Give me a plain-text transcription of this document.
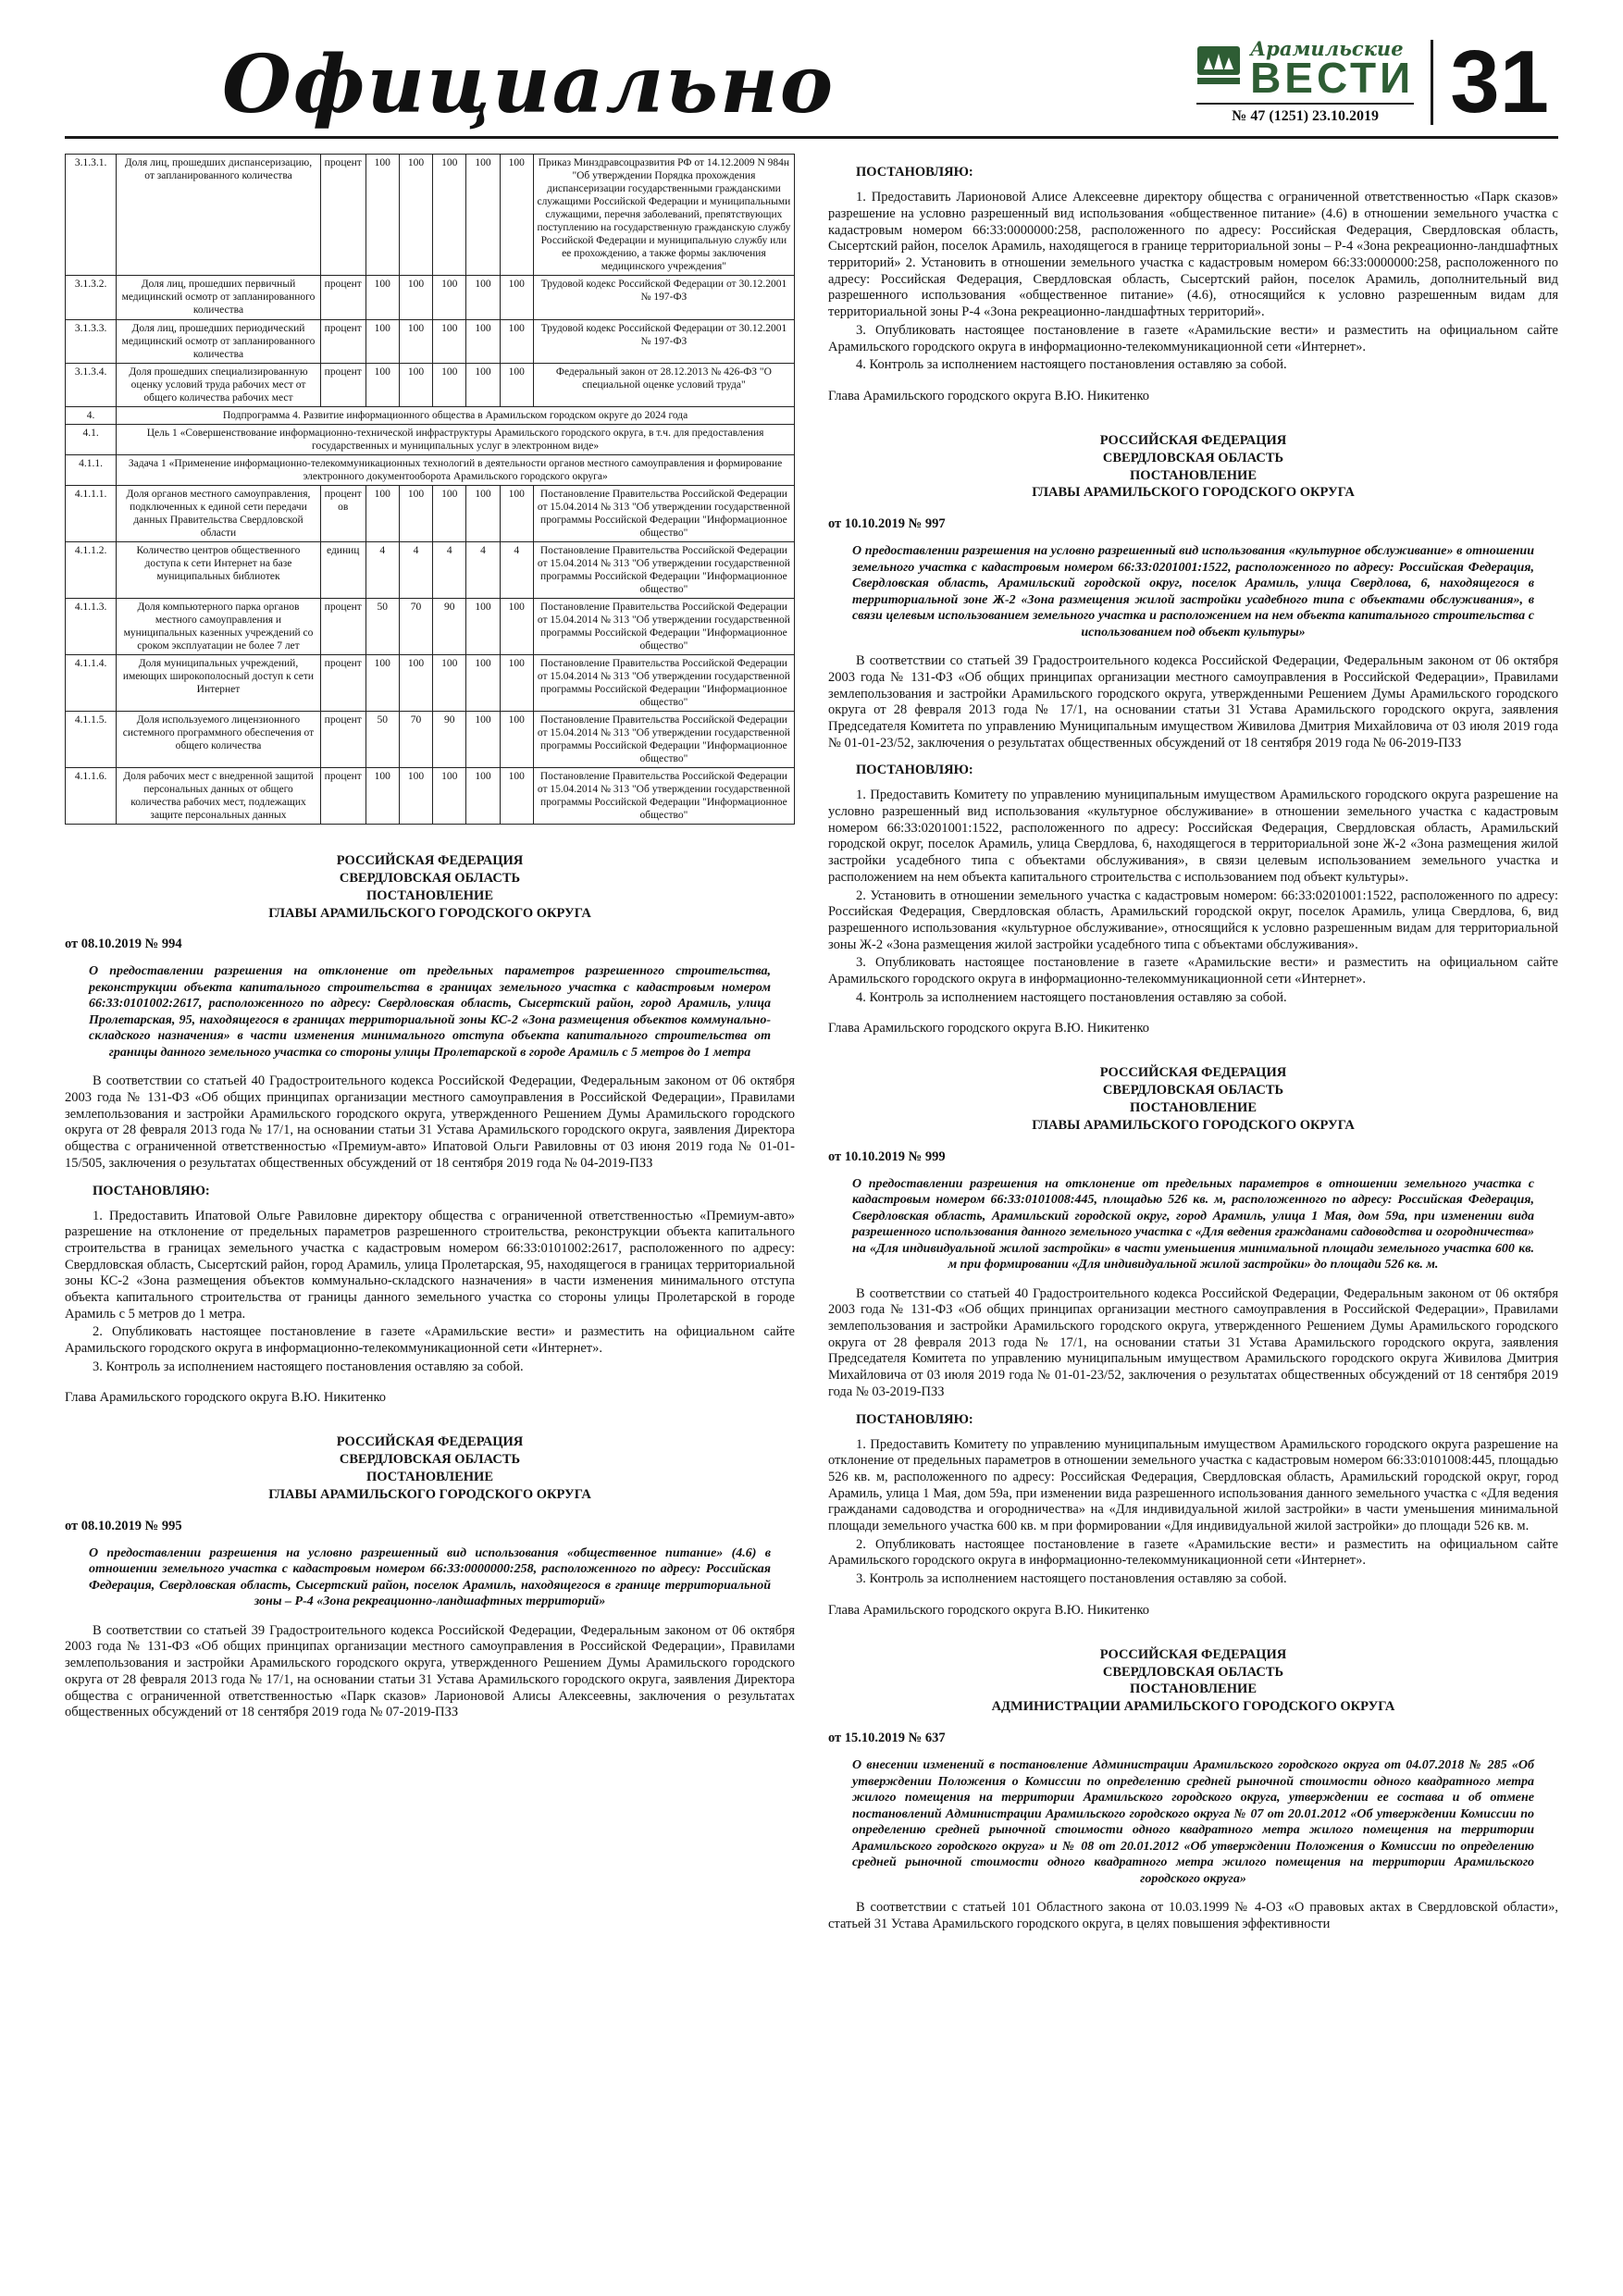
Официально	Арамильские
ВЕСТИ
№ 47 (1251) 23.10.2019 31
3.1.3.1.	Доля лиц, прошедших диспансеризацию, от запланированного количества	процент	100	100	100	100	100	Приказ Минздравсоцразвития РФ от 14.12.2009 N 984н "Об утверждении Порядка прохождения диспансеризации государственными гражданскими служащими Российской Федерации и муниципальными служащими, перечня заболеваний, препятствующих поступлению на государственную гражданскую службу Российской Федерации и муниципальную службу или ее прохождению, а также формы заключения медицинского учреждения"
3.1.3.2.	Доля лиц, прошедших первичный медицинский осмотр от запланированного количества	процент	100	100	100	100	100	Трудовой кодекс Российской Федерации от 30.12.2001 № 197-ФЗ
3.1.3.3.	Доля лиц, прошедших периодический медицинский осмотр от запланированного количества	процент	100	100	100	100	100	Трудовой кодекс Российской Федерации от 30.12.2001 № 197-ФЗ
3.1.3.4.	Доля прошедших специализированную оценку условий труда рабочих мест от общего количества рабочих мест	процент	100	100	100	100	100	Федеральный закон от 28.12.2013 № 426-ФЗ "О специальной оценке условий труда"
4.	Подпрограмма 4. Развитие информационного общества в Арамильском городском округе до 2024 года							
4.1.	Цель 1 «Совершенствование информационно-технической инфраструктуры Арамильского городского округа, в т.ч. для предоставления государственных и муниципальных услуг в электронном виде»							
4.1.1.	Задача 1 «Применение информационно-телекоммуникационных технологий в деятельности органов местного самоуправления и формирование электронного документооборота Арамильского городского округа»							
4.1.1.1.	Доля органов местного самоуправления, подключенных к единой сети передачи данных Правительства Свердловской области	процентов	100	100	100	100	100	Постановление Правительства Российской Федерации от 15.04.2014 № 313 "Об утверждении государственной программы Российской Федерации "Информационное общество"
4.1.1.2.	Количество центров общественного доступа к сети Интернет на базе муниципальных библиотек	единиц	4	4	4	4	4	Постановление Правительства Российской Федерации от 15.04.2014 № 313 "Об утверждении государственной программы Российской Федерации "Информационное общество"
4.1.1.3.	Доля компьютерного парка органов местного самоуправления и муниципальных казенных учреждений со сроком эксплуатации не более 7 лет	процент	50	70	90	100	100	Постановление Правительства Российской Федерации от 15.04.2014 № 313 "Об утверждении государственной программы Российской Федерации "Информационное общество"
4.1.1.4.	Доля муниципальных учреждений, имеющих широкополосный доступ к сети Интернет	процент	100	100	100	100	100	Постановление Правительства Российской Федерации от 15.04.2014 № 313 "Об утверждении государственной программы Российской Федерации "Информационное общество"
4.1.1.5.	Доля используемого лицензионного системного программного обеспечения от общего количества	процент	50	70	90	100	100	Постановление Правительства Российской Федерации от 15.04.2014 № 313 "Об утверждении государственной программы Российской Федерации "Информационное общество"
4.1.1.6.	Доля рабочих мест с внедренной защитой персональных данных от общего количества рабочих мест, подлежащих защите персональных данных	процент	100	100	100	100	100	Постановление Правительства Российской Федерации от 15.04.2014 № 313 "Об утверждении государственной программы Российской Федерации "Информационное общество"
РОССИЙСКАЯ ФЕДЕРАЦИЯ
СВЕРДЛОВСКАЯ ОБЛАСТЬ
ПОСТАНОВЛЕНИЕ
ГЛАВЫ АРАМИЛЬСКОГО ГОРОДСКОГО ОКРУГА
от 08.10.2019 № 994
О предоставлении разрешения на отклонение от предельных параметров разрешенного строительства, реконструкции объекта капитального строительства в границах земельного участка с кадастровым номером 66:33:0101002:2617, расположенного по адресу: Свердловская область, Сысертский район, город Арамиль, улица Пролетарская, 95, находящегося в границах территориальной зоны КС-2 «Зона размещения объектов коммунально-складского назначения» в части изменения минимального отступа объекта капитального строительства от границы данного земельного участка со стороны улицы Пролетарской в городе Арамиль с 5 метров до 1 метра

В соответствии со статьей 40 Градостроительного кодекса Российской Федерации, Федеральным законом от 06 октября 2003 года № 131-ФЗ «Об общих принципах организации местного самоуправления в Российской Федерации», Правилами землепользования и застройки Арамильского городского округа, утвержденного Решением Думы Арамильского городского округа от 28 февраля 2013 года № 17/1, на основании статьи 31 Устава Арамильского городского округа, заявления Директора общества с ограниченной ответственностью «Премиум-авто» Ипатовой Ольги Равиловны от 03 июня 2019 года № 01-01-15/505, заключения о результатах общественных обсуждений от 18 сентября 2019 года № 04-2019-ПЗЗ

ПОСТАНОВЛЯЮ:

1. Предоставить Ипатовой Ольге Равиловне директору общества с ограниченной ответственностью «Премиум-авто» разрешение на отклонение от предельных параметров разрешенного строительства, реконструкции объекта капитального строительства в границах земельного участка с кадастровым номером 66:33:0101002:2617, расположенного по адресу: Свердловская область, Сысертский район, город Арамиль, улица Пролетарская, 95, находящегося в границах территориальной зоны КС-2 «Зона размещения объектов коммунально-складского назначения» в части изменения минимального отступа объекта капитального строительства от границы данного земельного участка со стороны улицы Пролетарской в городе Арамиль с 5 метров до 1 метра.

2. Опубликовать настоящее постановление в газете «Арамильские вести» и разместить на официальном сайте Арамильского городского округа в информационно-телекоммуникационной сети «Интернет».

3. Контроль за исполнением настоящего постановления оставляю за собой.

Глава Арамильского городского округа В.Ю. Никитенко

РОССИЙСКАЯ ФЕДЕРАЦИЯ
СВЕРДЛОВСКАЯ ОБЛАСТЬ
ПОСТАНОВЛЕНИЕ
ГЛАВЫ АРАМИЛЬСКОГО ГОРОДСКОГО ОКРУГА
от 08.10.2019 № 995
О предоставлении разрешения на условно разрешенный вид использования «общественное питание» (4.6) в отношении земельного участка с кадастровым номером 66:33:0000000:258, расположенного по адресу: Российская Федерация, Свердловская область, Сысертский район, поселок Арамиль, находящегося в границе территориальной зоны – Р-4 «Зона рекреационно-ландшафтных территорий»

В соответствии со статьей 39 Градостроительного кодекса Российской Федерации, Федеральным законом от 06 октября 2003 года № 131-ФЗ «Об общих принципах организации местного самоуправления в Российской Федерации», Правилами землепользования и застройки Арамильского городского округа, утвержденного Решением Думы Арамильского городского округа от 28 февраля 2013 года № 17/1, на основании статьи 31 Устава Арамильского городского округа, заявления Директора общества с ограниченной ответственностью «Парк сказов» Ларионовой Алисы Алексеевны, заключения о результатах общественных обсуждений от 18 сентября 2019 года № 07-2019-ПЗЗ

ПОСТАНОВЛЯЮ:

1. Предоставить Ларионовой Алисе Алексеевне директору общества с ограниченной ответственностью «Парк сказов» разрешение на условно разрешенный вид использования «общественное питание» (4.6) в отношении земельного участка с кадастровым номером 66:33:0000000:258, расположенного по адресу: Российская Федерация, Свердловская область, Сысертский район, поселок Арамиль, находящегося в границе территориальной зоны – Р-4 «Зона рекреационно-ландшафтных территорий» 2. Установить в отношении земельного участка с кадастровым номером 66:33:0000000:258, расположенного по адресу: Российская Федерация, Свердловская область, Сысертский район, поселок Арамиль, дополнительный вид разрешенного использования «общественное питание» (4.6), относящийся к условно разрешенным видам для территориальной зоны Р-4 «Зона рекреационно-ландшафтных территорий».

3. Опубликовать настоящее постановление в газете «Арамильские вести» и разместить на официальном сайте Арамильского городского округа в информационно-телекоммуникационной сети «Интернет».

4. Контроль за исполнением настоящего постановления оставляю за собой.

Глава Арамильского городского округа В.Ю. Никитенко

РОССИЙСКАЯ ФЕДЕРАЦИЯ
СВЕРДЛОВСКАЯ ОБЛАСТЬ
ПОСТАНОВЛЕНИЕ
ГЛАВЫ АРАМИЛЬСКОГО ГОРОДСКОГО ОКРУГА
от 10.10.2019 № 997
О предоставлении разрешения на условно разрешенный вид использования «культурное обслуживание» в отношении земельного участка с кадастровым номером 66:33:0201001:1522, расположенного по адресу: Российская Федерация, Свердловская область, Арамильский городской округ, поселок Арамиль, улица Свердлова, 6, находящегося в территориальной зоне Ж-2 «Зона размещения жилой застройки усадебного типа с объектами обслуживания», в связи целевым использованием земельного участка и расположением на нем объекта капитального строительства с использованием под объект культуры»

В соответствии со статьей 39 Градостроительного кодекса Российской Федерации, Федеральным законом от 06 октября 2003 года № 131-ФЗ «Об общих принципах организации местного самоуправления в Российской Федерации», Правилами землепользования и застройки Арамильского городского округа, утвержденными Решением Думы Арамильского городского округа от 28 февраля 2013 года № 17/1, на основании статьи 31 Устава Арамильского городского округа, заявления Председателя Комитета по управлению Муниципальным имуществом Живилова Дмитрия Михайловича от 03 июля 2019 года № 01-01-23/52, заключения о результатах общественных обсуждений от 18 сентября 2019 года № 06-2019-ПЗЗ

ПОСТАНОВЛЯЮ:

1. Предоставить Комитету по управлению муниципальным имуществом Арамильского городского округа разрешение на условно разрешенный вид использования «культурное обслуживание» в отношении земельного участка с кадастровым номером 66:33:0201001:1522, расположенного по адресу: Российская Федерация, Свердловская область, Арамильский городской округ, поселок Арамиль, улица Свердлова, 6, находящегося в территориальной зоне Ж-2 «Зона размещения жилой застройки усадебного типа с объектами обслуживания», в связи целевым использованием земельного участка и расположением на нем объекта капитального строительства с использованием под объект культуры».

2. Установить в отношении земельного участка с кадастровым номером: 66:33:0201001:1522, расположенного по адресу: Российская Федерация, Свердловская область, Арамильский городской округ, поселок Арамиль, улица Свердлова, 6, вид разрешенного использования «культурное обслуживание», относящийся к условно разрешенным видам для территориальной зоны Ж-2 «Зона размещения жилой застройки усадебного типа с объектами обслуживания».

3. Опубликовать настоящее постановление в газете «Арамильские вести» и разместить на официальном сайте Арамильского городского округа в информационно-телекоммуникационной сети «Интернет».

4. Контроль за исполнением настоящего постановления оставляю за собой.

Глава Арамильского городского округа В.Ю. Никитенко

РОССИЙСКАЯ ФЕДЕРАЦИЯ
СВЕРДЛОВСКАЯ ОБЛАСТЬ
ПОСТАНОВЛЕНИЕ
ГЛАВЫ АРАМИЛЬСКОГО ГОРОДСКОГО ОКРУГА
от 10.10.2019 № 999
О предоставлении разрешения на отклонение от предельных параметров в отношении земельного участка с кадастровым номером 66:33:0101008:445, площадью 526 кв. м, расположенного по адресу: Российская Федерация, Свердловская область, Арамильский городской округ, город Арамиль, улица 1 Мая, дом 59а, при изменении вида разрешенного использования данного земельного участка с «Для ведения гражданами садоводства и огородничества» на «Для индивидуальной жилой застройки» в части уменьшения минимальной площади земельного участка 600 кв. м при формировании «Для индивидуальной жилой застройки» до площади 526 кв. м.

В соответствии со статьей 40 Градостроительного кодекса Российской Федерации, Федеральным законом от 06 октября 2003 года № 131-ФЗ «Об общих принципах организации местного самоуправления в Российской Федерации», Правилами землепользования и застройки Арамильского городского округа, утвержденного Решением Думы Арамильского городского округа от 28 февраля 2013 года № 17/1, на основании статьи 31 Устава Арамильского городского округа, заявления Председателя Комитета по управлению муниципальным имуществом Арамильского городского округа Живилова Дмитрия Михайловича от 03 июля 2019 года № 01-01-23/52, заключения о результатах общественных обсуждений от 18 сентября 2019 года № 03-2019-ПЗЗ

ПОСТАНОВЛЯЮ:

1. Предоставить Комитету по управлению муниципальным имуществом Арамильского городского округа разрешение на отклонение от предельных параметров в отношении земельного участка с кадастровым номером 66:33:0101008:445, площадью 526 кв. м, расположенного по адресу: Российская Федерация, Свердловская область, Арамильский городской округ, город Арамиль, улица 1 Мая, дом 59а, при изменении вида разрешенного использования данного земельного участка с «Для ведения гражданами садоводства и огородничества» на «Для индивидуальной жилой застройки» в части уменьшения минимальной площади земельного участка 600 кв. м при формировании «Для индивидуальной жилой застройки» до площади 526 кв. м.

2. Опубликовать настоящее постановление в газете «Арамильские вести» и разместить на официальном сайте Арамильского городского округа в информационно-телекоммуникационной сети «Интернет».

3. Контроль за исполнением настоящего постановления оставляю за собой.

Глава Арамильского городского округа В.Ю. Никитенко

РОССИЙСКАЯ ФЕДЕРАЦИЯ
СВЕРДЛОВСКАЯ ОБЛАСТЬ
ПОСТАНОВЛЕНИЕ
АДМИНИСТРАЦИИ АРАМИЛЬСКОГО ГОРОДСКОГО ОКРУГА
от 15.10.2019 № 637
О внесении изменений в постановление Администрации Арамильского городского округа от 04.07.2018 № 285 «Об утверждении Положения о Комиссии по определению средней рыночной стоимости одного квадратного метра жилого помещения на территории Арамильского городского округа, утверждении ее состава и об отмене постановлений Администрации Арамильского городского округа № 07 от 20.01.2012 «Об утверждении Комиссии по определению средней рыночной стоимости одного квадратного метра жилого помещения на территории Арамильского городского округа» и № 08 от 20.01.2012 «Об утверждении Положения о Комиссии по определению средней рыночной стоимости одного квадратного метра жилого помещения на территории Арамильского городского округа»

В соответствии с статьей 101 Областного закона от 10.03.1999 № 4-ОЗ «О правовых актах в Свердловской области», статьей 31 Устава Арамильского городского округа, в целях повышения эффективности
